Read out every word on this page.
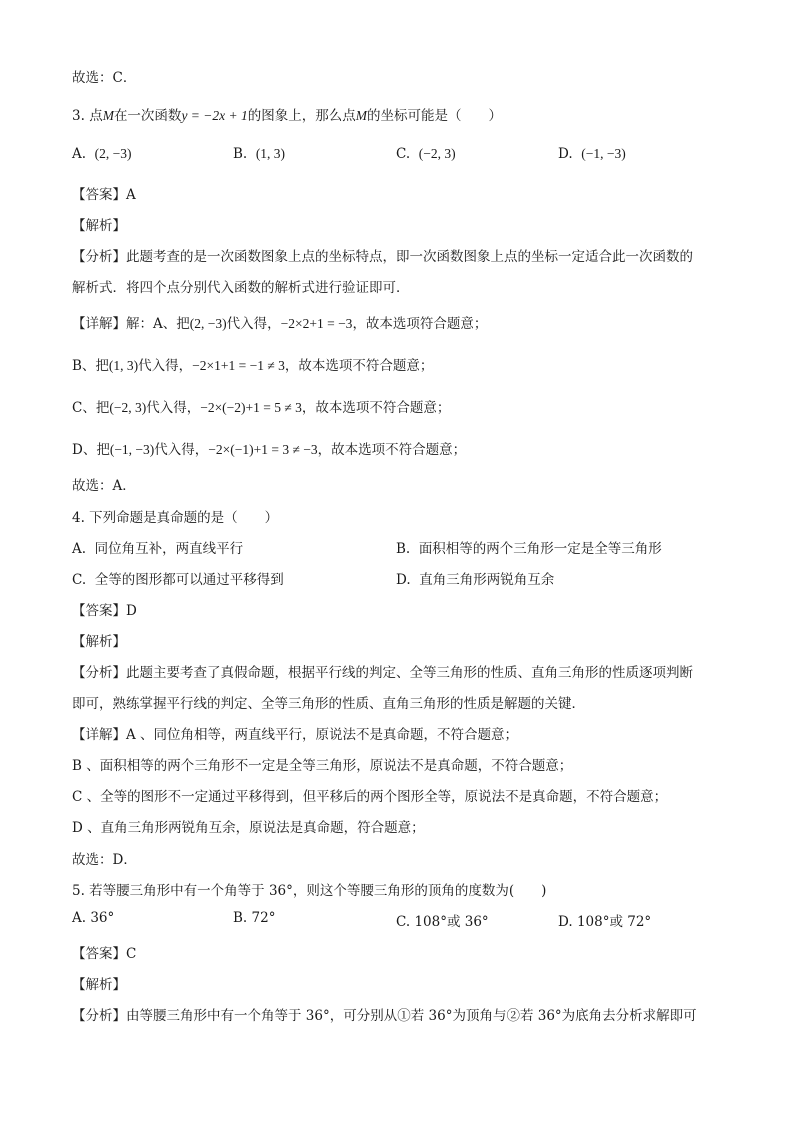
故选：C．
3. 点M在一次函数y = −2x + 1的图象上，那么点M的坐标可能是（　　）
A. (2, −3)	B. (1, 3)	C. (−2, 3)	D. (−1, −3)
【答案】A
【解析】
【分析】此题考查的是一次函数图象上点的坐标特点，即一次函数图象上点的坐标一定适合此一次函数的
解析式．将四个点分别代入函数的解析式进行验证即可．
【详解】解：A、把(2, −3)代入得，−2×2+1 = −3，故本选项符合题意；
B、把(1, 3)代入得，−2×1+1 = −1 ≠ 3，故本选项不符合题意；
C、把(−2, 3)代入得，−2×(−2)+1 = 5 ≠ 3，故本选项不符合题意；
D、把(−1, −3)代入得，−2×(−1)+1 = 3 ≠ −3，故本选项不符合题意；
故选：A．
4. 下列命题是真命题的是（　　）
A. 同位角互补，两直线平行	B. 面积相等的两个三角形一定是全等三角形
C. 全等的图形都可以通过平移得到	D. 直角三角形两锐角互余
【答案】D
【解析】
【分析】此题主要考查了真假命题，根据平行线的判定、全等三角形的性质、直角三角形的性质逐项判断
即可，熟练掌握平行线的判定、全等三角形的性质、直角三角形的性质是解题的关键．
【详解】A 、同位角相等，两直线平行，原说法不是真命题，不符合题意；
B 、面积相等的两个三角形不一定是全等三角形，原说法不是真命题，不符合题意；
C 、全等的图形不一定通过平移得到，但平移后的两个图形全等，原说法不是真命题，不符合题意；
D 、直角三角形两锐角互余，原说法是真命题，符合题意；
故选：D．
5. 若等腰三角形中有一个角等于 36°，则这个等腰三角形的顶角的度数为(　　)
A. 36°	B. 72°	C. 108°或 36°	D. 108°或 72°
【答案】C
【解析】
【分析】由等腰三角形中有一个角等于 36°，可分别从①若 36°为顶角与②若 36°为底角去分析求解即可
